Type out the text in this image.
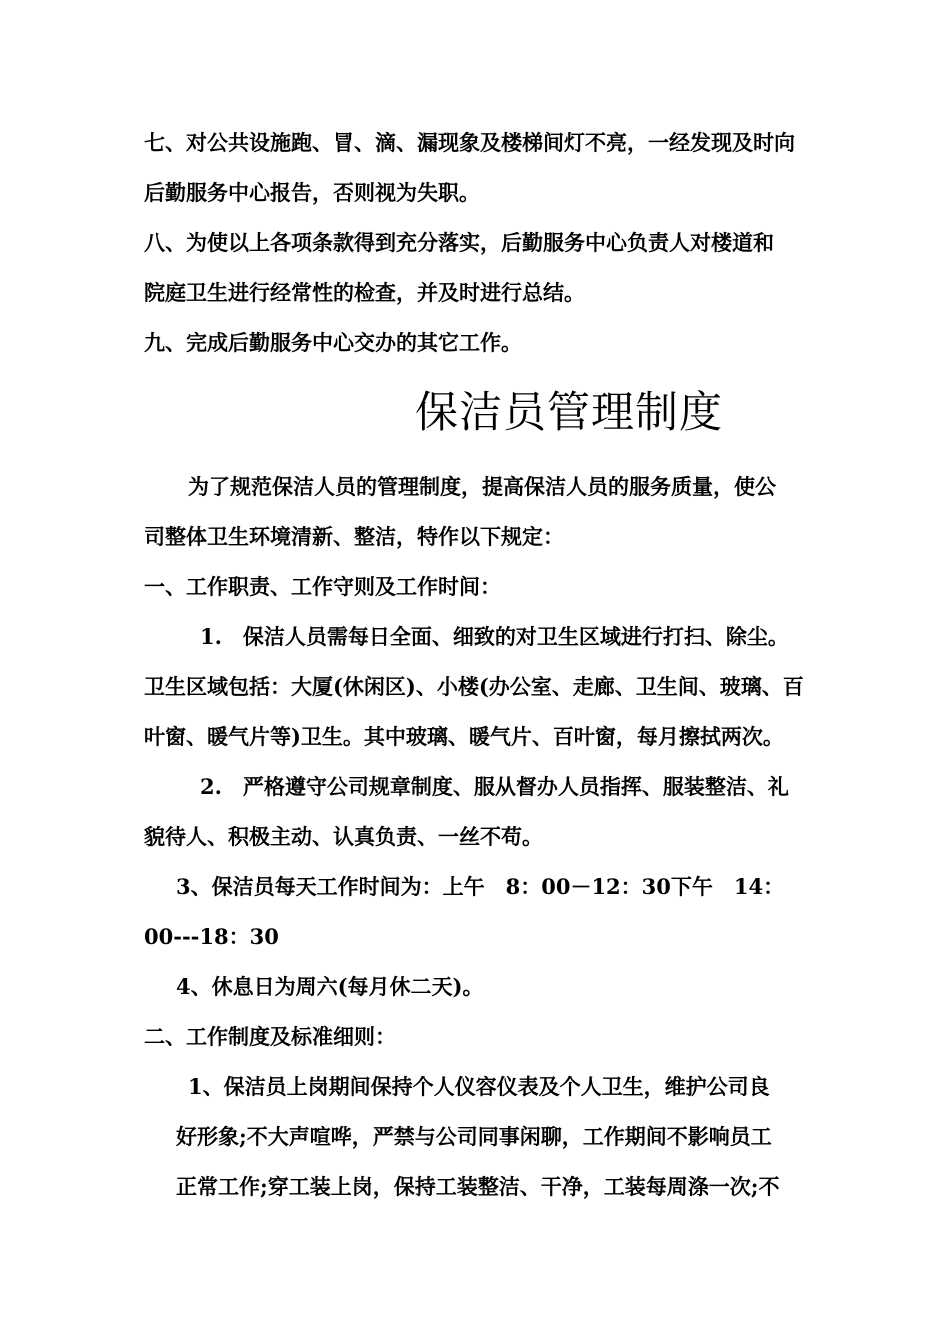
七、对公共设施跑、冒、滴、漏现象及楼梯间灯不亮，一经发现及时向
后勤服务中心报告，否则视为失职。
八、为使以上各项条款得到充分落实，后勤服务中心负责人对楼道和
院庭卫生进行经常性的检查，并及时进行总结。
九、完成后勤服务中心交办的其它工作。
保洁员管理制度
为了规范保洁人员的管理制度，提高保洁人员的服务质量，使公
司整体卫生环境清新、整洁，特作以下规定：
一、工作职责、工作守则及工作时间：
1.　保洁人员需每日全面、细致的对卫生区域进行打扫、除尘。
卫生区域包括：大厦(休闲区)、小楼(办公室、走廊、卫生间、玻璃、百
叶窗、暖气片等)卫生。其中玻璃、暖气片、百叶窗，每月擦拭两次。
2.　严格遵守公司规章制度、服从督办人员指挥、服装整洁、礼
貌待人、积极主动、认真负责、一丝不苟。
3、保洁员每天工作时间为：上午　8：00－12：30下午　14：
00---18：30
4、休息日为周六(每月休二天)。
二、工作制度及标准细则：
1、保洁员上岗期间保持个人仪容仪表及个人卫生，维护公司良
好形象;不大声喧哗，严禁与公司同事闲聊，工作期间不影响员工
正常工作;穿工装上岗，保持工装整洁、干净，工装每周涤一次;不
